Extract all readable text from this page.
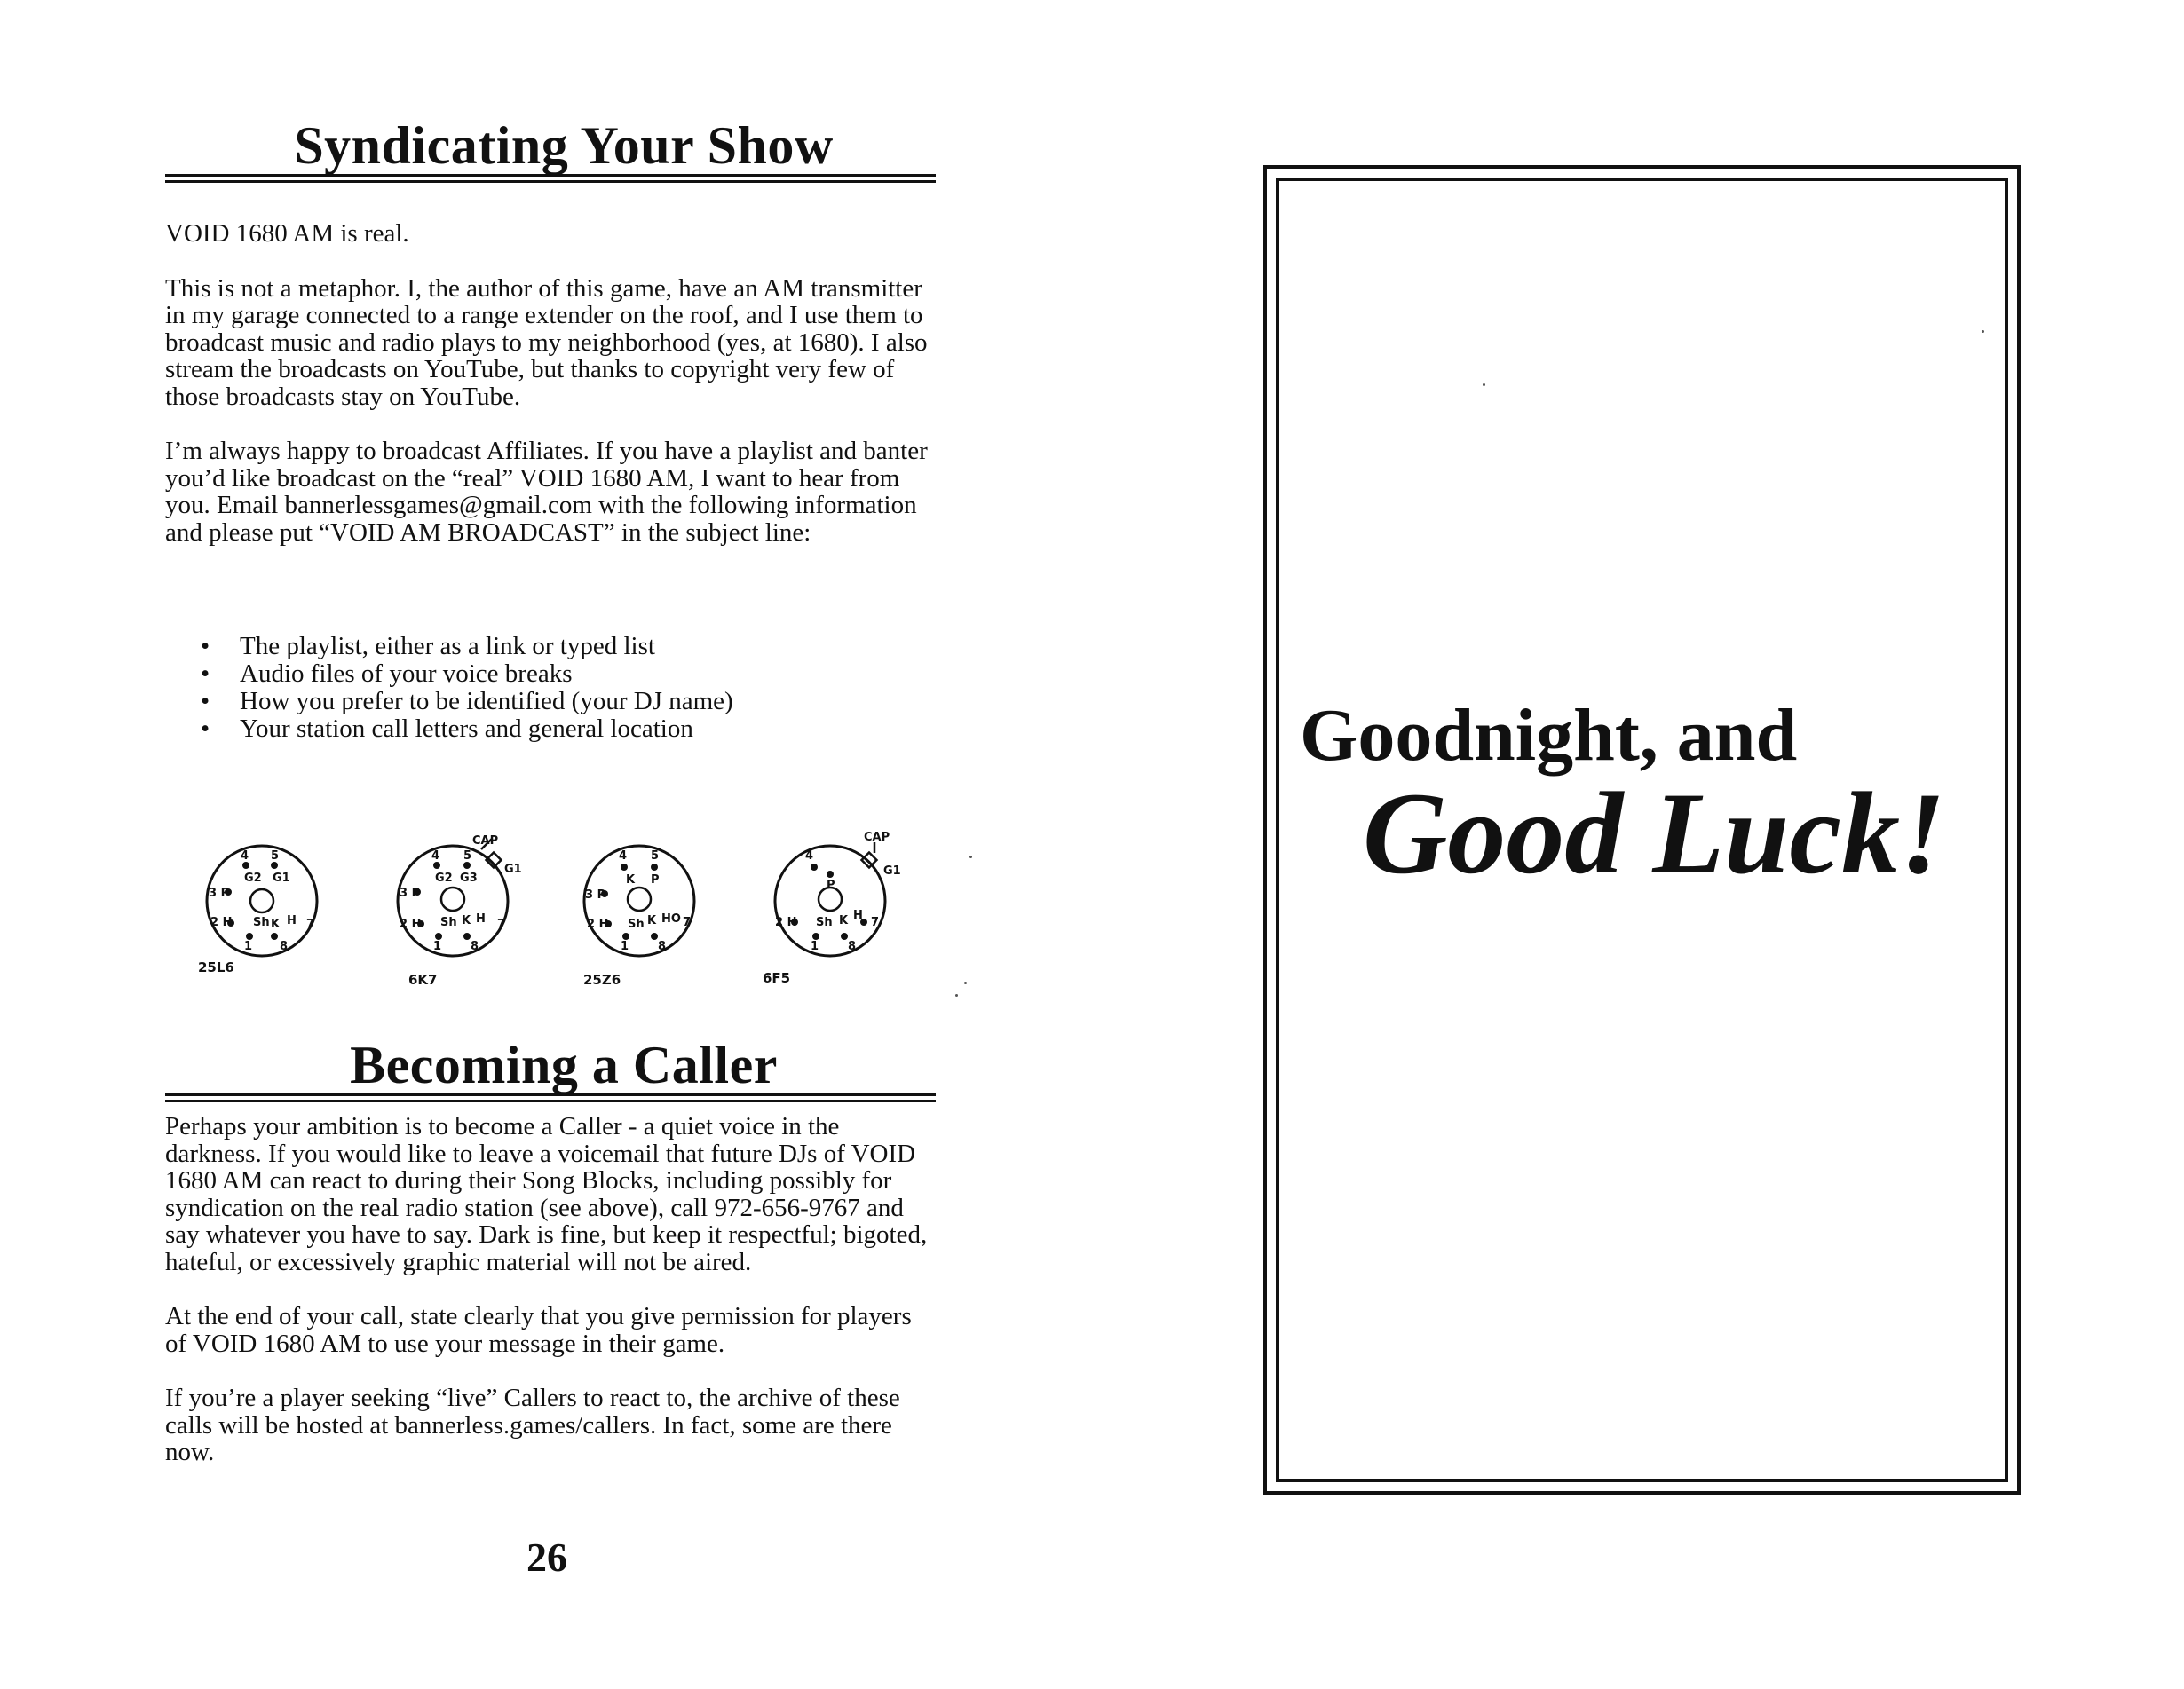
Syndicating Your Show

VOID 1680 AM is real.

This is not a metaphor. I, the author of this game, have an AM transmitter in my garage connected to a range extender on the roof, and I use them to broadcast music and radio plays to my neighborhood (yes, at 1680). I also stream the broadcasts on YouTube, but thanks to copyright very few of those broadcasts stay on YouTube.

I’m always happy to broadcast Affiliates. If you have a playlist and banter you’d like broadcast on the “real” VOID 1680 AM, I want to hear from you. Email bannerlessgames@gmail.com with the following information and please put “VOID AM BROADCAST” in the subject line:

• The playlist, either as a link or typed list
• Audio files of your voice breaks
• How you prefer to be identified (your DJ name)
• Your station call letters and general location
4 5
G2 G1
3 P
2 H Sh K H 7
1 8
25L6
CAP
4 5
G2 G3
G1
3 P
2 H Sh K H 7
1	8
6K7
4 5
K P
3 P
2 H Sh K HO 7
1	8
25Z6
CAP
4
P
G1
2 H Sh K H
7
1	8
6F5
Becoming a Caller

Perhaps your ambition is to become a Caller - a quiet voice in the darkness. If you would like to leave a voicemail that future DJs of VOID 1680 AM can react to during their Song Blocks, including possibly for syndication on the real radio station (see above), call 972-656-9767 and say whatever you have to say. Dark is fine, but keep it respectful; bigoted, hateful, or excessively graphic material will not be aired.

At the end of your call, state clearly that you give permission for players of VOID 1680 AM to use your message in their game.

If you’re a player seeking “live” Callers to react to, the archive of these calls will be hosted at bannerless.games/callers. In fact, some are there now.

26
Goodnight, and
Good Luck!
